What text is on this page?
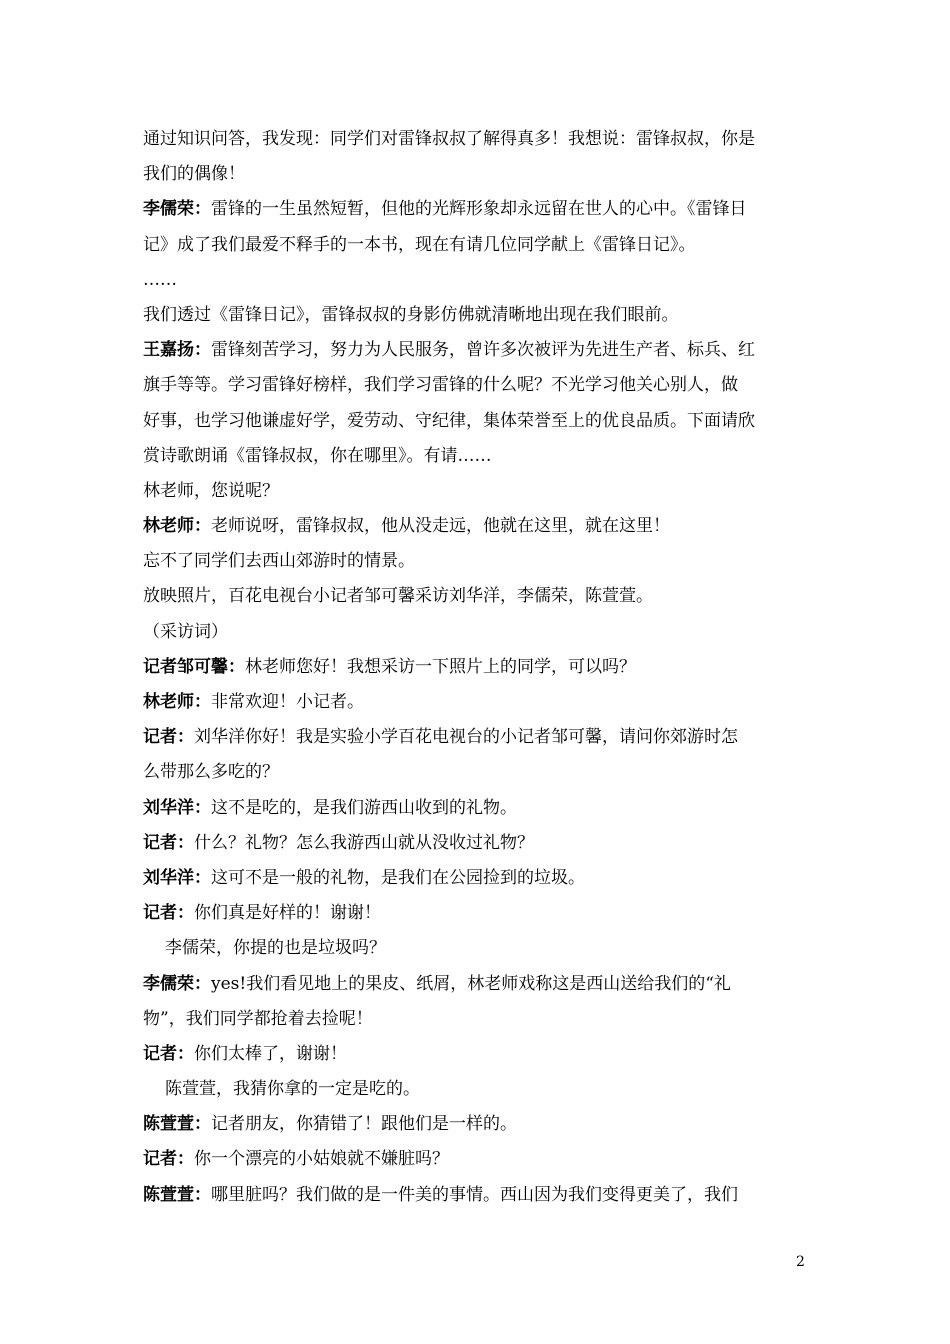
通过知识问答，我发现：同学们对雷锋叔叔了解得真多！我想说：雷锋叔叔，你是

我们的偶像！

李儒荣：雷锋的一生虽然短暂，但他的光辉形象却永远留在世人的心中。《雷锋日

记》成了我们最爱不释手的一本书，现在有请几位同学献上《雷锋日记》。

……

我们透过《雷锋日记》，雷锋叔叔的身影仿佛就清晰地出现在我们眼前。

王嘉扬：雷锋刻苦学习，努力为人民服务，曾许多次被评为先进生产者、标兵、红

旗手等等。学习雷锋好榜样，我们学习雷锋的什么呢？不光学习他关心别人，做

好事，也学习他谦虚好学，爱劳动、守纪律，集体荣誉至上的优良品质。下面请欣

赏诗歌朗诵《雷锋叔叔，你在哪里》。有请……

林老师，您说呢？

林老师：老师说呀，雷锋叔叔，他从没走远，他就在这里，就在这里！

忘不了同学们去西山郊游时的情景。

放映照片，百花电视台小记者邹可馨采访刘华洋，李儒荣，陈萱萱。

（采访词）

记者邹可馨：林老师您好！我想采访一下照片上的同学，可以吗？

林老师：非常欢迎！小记者。

记者：刘华洋你好！我是实验小学百花电视台的小记者邹可馨，请问你郊游时怎

么带那么多吃的？

刘华洋：这不是吃的，是我们游西山收到的礼物。

记者：什么？礼物？怎么我游西山就从没收过礼物？

刘华洋：这可不是一般的礼物，是我们在公园捡到的垃圾。

记者：你们真是好样的！谢谢！

李儒荣，你提的也是垃圾吗？

李儒荣：yes!我们看见地上的果皮、纸屑，林老师戏称这是西山送给我们的“礼

物”，我们同学都抢着去捡呢！

记者：你们太棒了，谢谢！

陈萱萱，我猜你拿的一定是吃的。

陈萱萱：记者朋友，你猜错了！跟他们是一样的。

记者：你一个漂亮的小姑娘就不嫌脏吗？

陈萱萱：哪里脏吗？我们做的是一件美的事情。西山因为我们变得更美了，我们

2
